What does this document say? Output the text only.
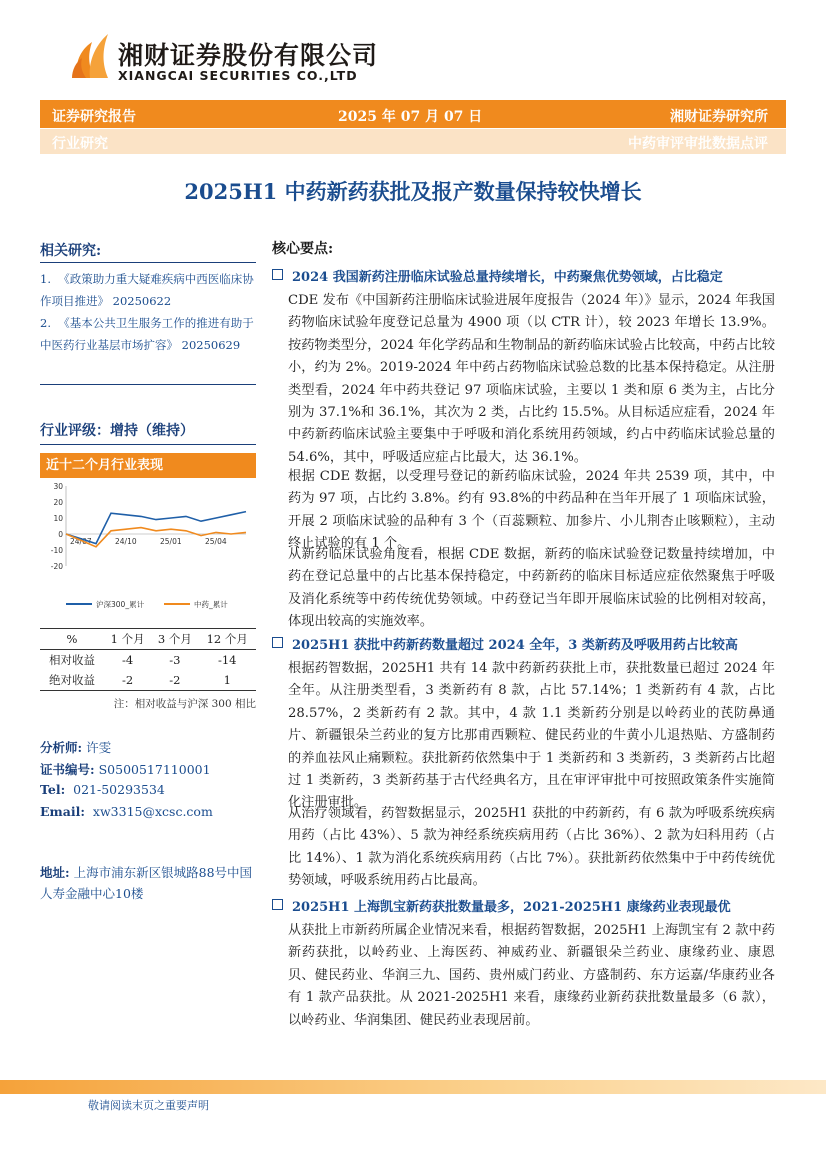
湘财证券股份有限公司
XIANGCAI SECURITIES CO.,LTD
证券研究报告	2025 年 07 月 07 日	湘财证券研究所
行业研究	中药审评审批数据点评
2025H1 中药新药获批及报产数量保持较快增长
相关研究:
1. 《政策助力重大疑难疾病中西医临床协作项目推进》 20250622
2. 《基本公共卫生服务工作的推进有助于中医药行业基层市场扩容》 20250629
行业评级：增持（维持）
近十二个月行业表现
30
20
10
0
-10
-20
24/07	24/10	25/01	25/04
沪深300_累计	中药_累计
%	1 个月	3 个月	12 个月
相对收益	-4	-3	-14
绝对收益	-2	-2	1
注：相对收益与沪深 300 相比
分析师: 许雯
证书编号: S0500517110001
Tel: 021-50293534
Email: xw3315@xcsc.com
地址: 上海市浦东新区银城路88号中国人寿金融中心10楼
核心要点:
2024 我国新药注册临床试验总量持续增长，中药聚焦优势领域，占比稳定

CDE 发布《中国新药注册临床试验进展年度报告（2024 年）》显示，2024 年我国药物临床试验年度登记总量为 4900 项（以 CTR 计），较 2023 年增长 13.9%。按药物类型分，2024 年化学药品和生物制品的新药临床试验占比较高，中药占比较小，约为 2%。2019-2024 年中药占药物临床试验总数的比基本保持稳定。从注册类型看，2024 年中药共登记 97 项临床试验，主要以 1 类和原 6 类为主，占比分别为 37.1%和 36.1%，其次为 2 类，占比约 15.5%。从目标适应症看，2024 年中药新药临床试验主要集中于呼吸和消化系统用药领域，约占中药临床试验总量的 54.6%，其中，呼吸适应症占比最大，达 36.1%。

根据 CDE 数据，以受理号登记的新药临床试验，2024 年共 2539 项，其中，中药为 97 项，占比约 3.8%。约有 93.8%的中药品种在当年开展了 1 项临床试验，开展 2 项临床试验的品种有 3 个（百蕊颗粒、加参片、小儿荆杏止咳颗粒），主动终止试验的有 1 个。

从新药临床试验角度看，根据 CDE 数据，新药的临床试验登记数量持续增加，中药在登记总量中的占比基本保持稳定，中药新药的临床目标适应症依然聚焦于呼吸及消化系统等中药传统优势领域。中药登记当年即开展临床试验的比例相对较高，体现出较高的实施效率。

2025H1 获批中药新药数量超过 2024 全年，3 类新药及呼吸用药占比较高

根据药智数据，2025H1 共有 14 款中药新药获批上市，获批数量已超过 2024 年全年。从注册类型看，3 类新药有 8 款，占比 57.14%；1 类新药有 4 款，占比 28.57%，2 类新药有 2 款。其中，4 款 1.1 类新药分别是以岭药业的芪防鼻通片、新疆银朵兰药业的复方比那甫西颗粒、健民药业的牛黄小儿退热贴、方盛制药的养血祛风止痛颗粒。获批新药依然集中于 1 类新药和 3 类新药，3 类新药占比超过 1 类新药，3 类新药基于古代经典名方，且在审评审批中可按照政策条件实施简化注册审批。

从治疗领域看，药智数据显示，2025H1 获批的中药新药，有 6 款为呼吸系统疾病用药（占比 43%）、5 款为神经系统疾病用药（占比 36%）、2 款为妇科用药（占比 14%）、1 款为消化系统疾病用药（占比 7%）。获批新药依然集中于中药传统优势领域，呼吸系统用药占比最高。

2025H1 上海凯宝新药获批数量最多，2021-2025H1 康缘药业表现最优

从获批上市新药所属企业情况来看，根据药智数据，2025H1 上海凯宝有 2 款中药新药获批，以岭药业、上海医药、神威药业、新疆银朵兰药业、康缘药业、康恩贝、健民药业、华润三九、国药、贵州威门药业、方盛制药、东方运嘉/华康药业各有 1 款产品获批。从 2021-2025H1 来看，康缘药业新药获批数量最多（6 款），以岭药业、华润集团、健民药业表现居前。

敬请阅读末页之重要声明
